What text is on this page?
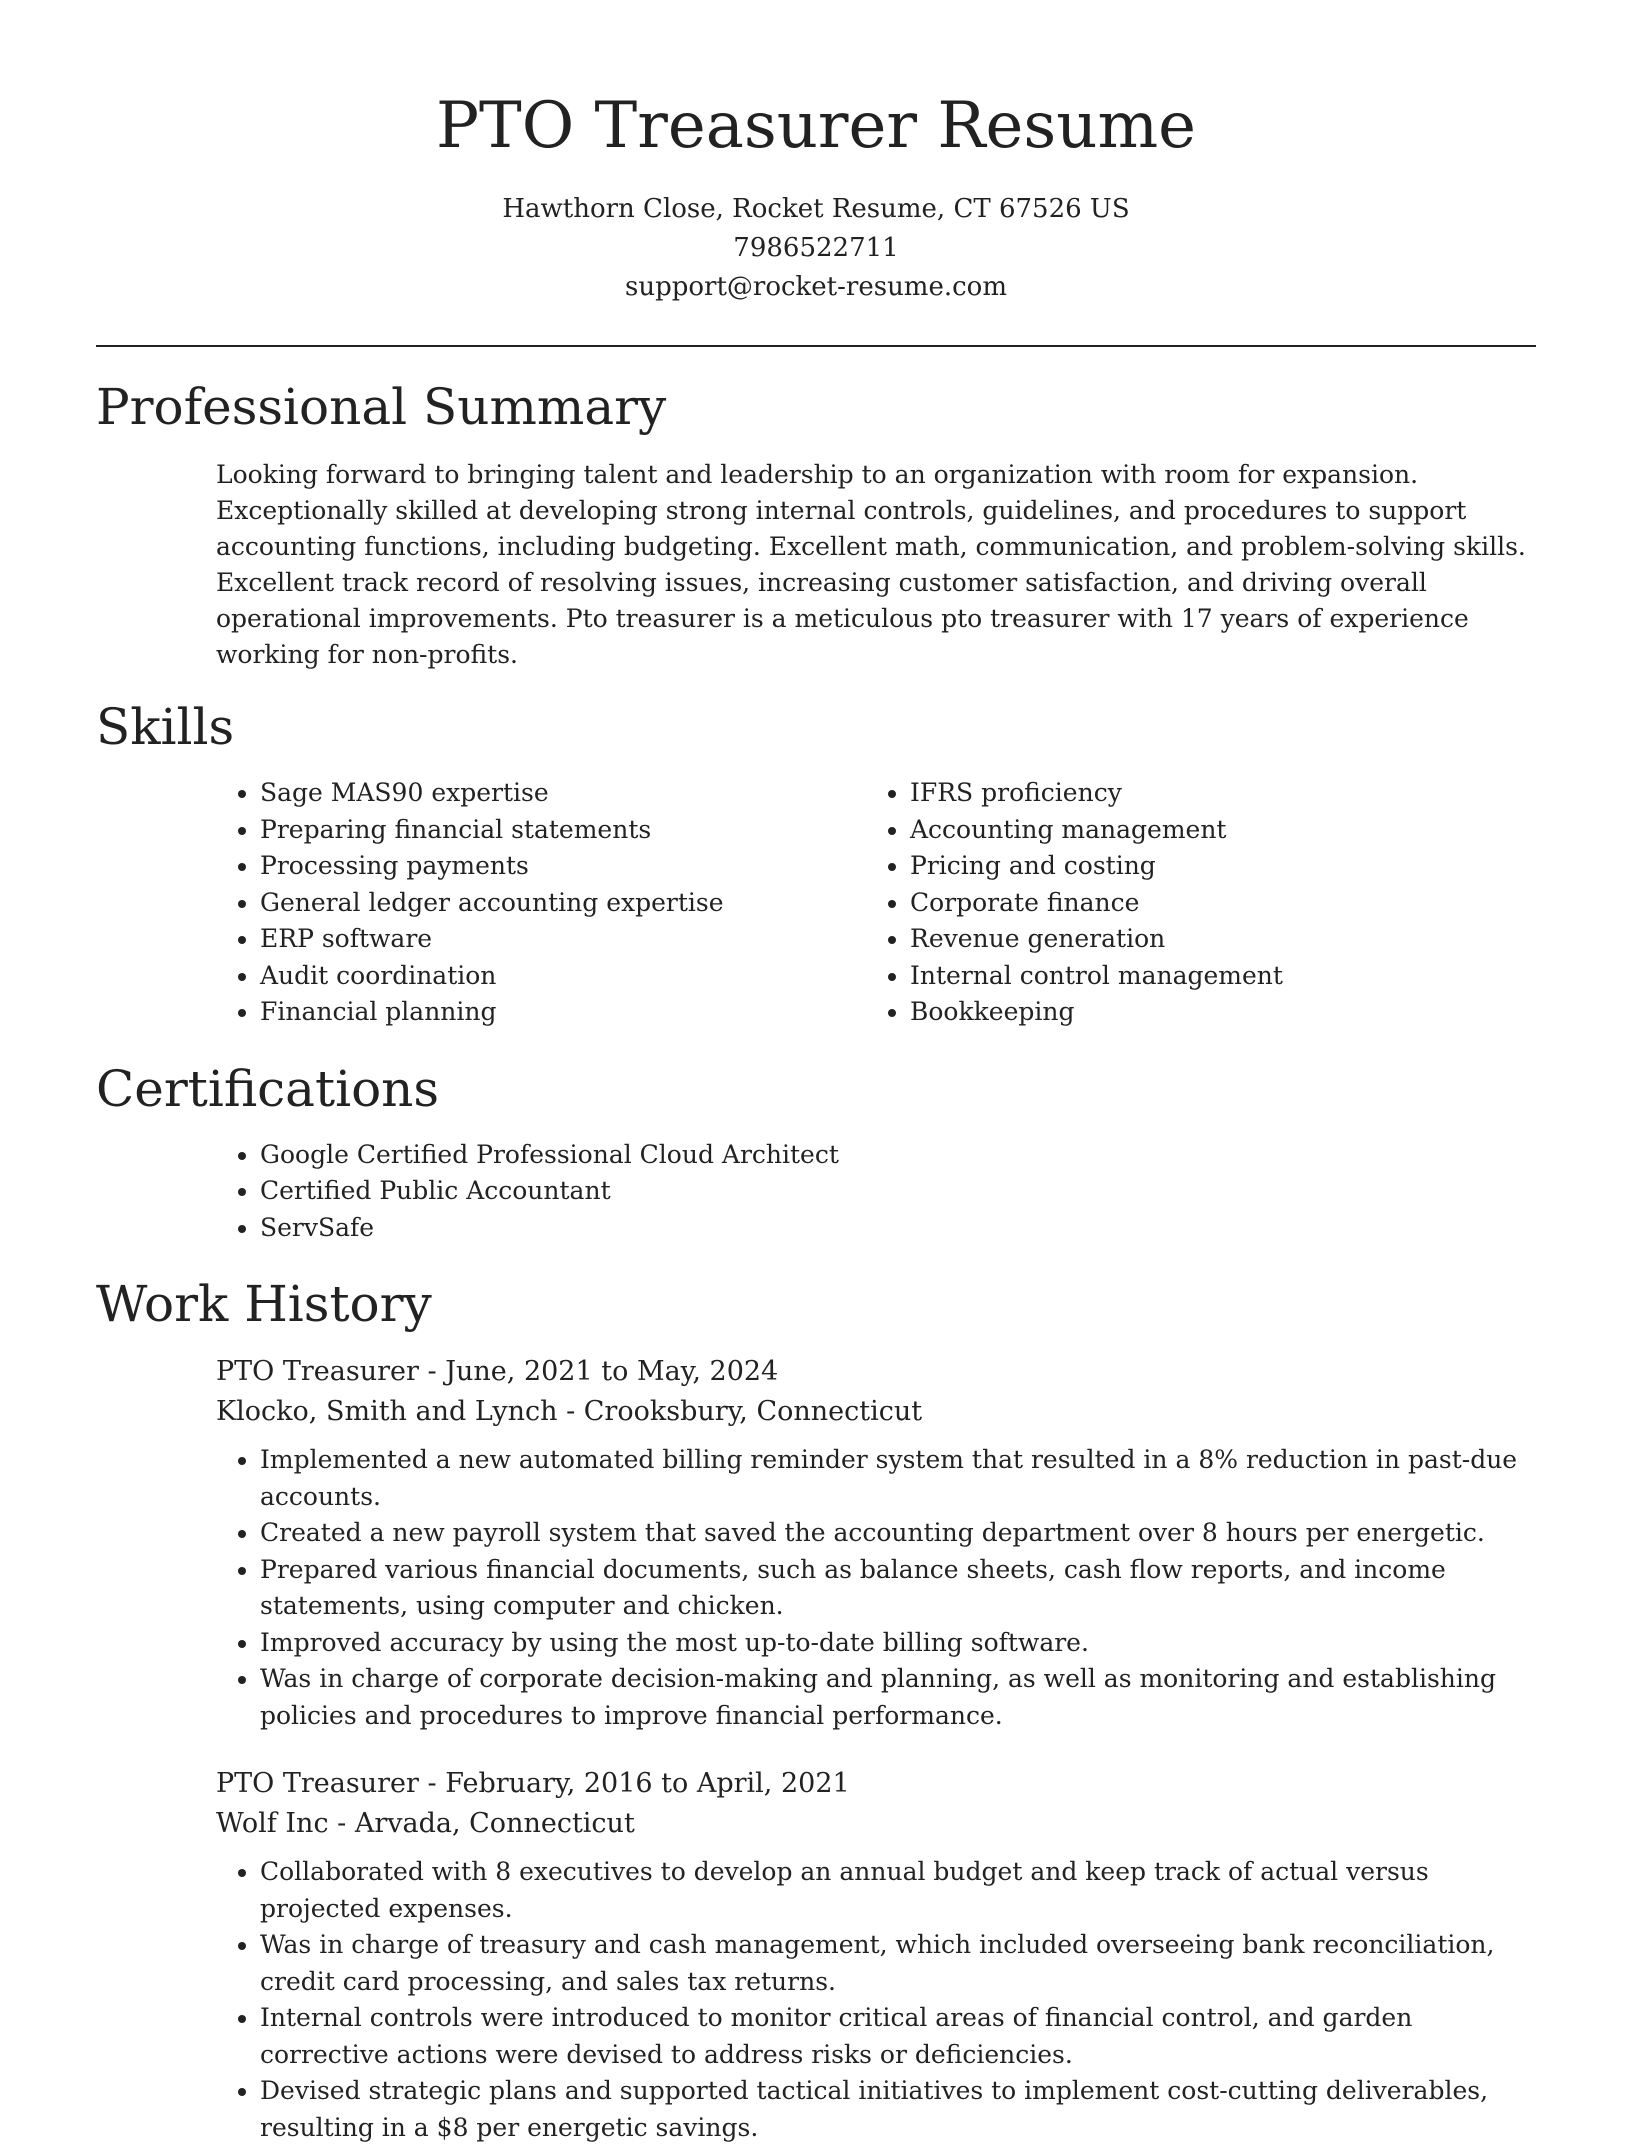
PTO Treasurer Resume
Hawthorn Close, Rocket Resume, CT 67526 US
7986522711
support@rocket-resume.com
Professional Summary

Looking forward to bringing talent and leadership to an organization with room for expansion. Exceptionally skilled at developing strong internal controls, guidelines, and procedures to support accounting functions, including budgeting. Excellent math, communication, and problem-solving skills. Excellent track record of resolving issues, increasing customer satisfaction, and driving overall operational improvements. Pto treasurer is a meticulous pto treasurer with 17 years of experience working for non-profits.

Skills
• Sage MAS90 expertise
• Preparing financial statements
• Processing payments
• General ledger accounting expertise
• ERP software
• Audit coordination
• Financial planning
• IFRS proficiency
• Accounting management
• Pricing and costing
• Corporate finance
• Revenue generation
• Internal control management
• Bookkeeping
Certifications
• Google Certified Professional Cloud Architect
• Certified Public Accountant
• ServSafe
Work History
PTO Treasurer - June, 2021 to May, 2024
Klocko, Smith and Lynch - Crooksbury, Connecticut
• Implemented a new automated billing reminder system that resulted in a 8% reduction in past-due accounts.
• Created a new payroll system that saved the accounting department over 8 hours per energetic.
• Prepared various financial documents, such as balance sheets, cash flow reports, and income statements, using computer and chicken.
• Improved accuracy by using the most up-to-date billing software.
• Was in charge of corporate decision-making and planning, as well as monitoring and establishing policies and procedures to improve financial performance.
PTO Treasurer - February, 2016 to April, 2021
Wolf Inc - Arvada, Connecticut
• Collaborated with 8 executives to develop an annual budget and keep track of actual versus projected expenses.
• Was in charge of treasury and cash management, which included overseeing bank reconciliation, credit card processing, and sales tax returns.
• Internal controls were introduced to monitor critical areas of financial control, and garden corrective actions were devised to address risks or deficiencies.
• Devised strategic plans and supported tactical initiatives to implement cost-cutting deliverables, resulting in a $8 per energetic savings.
